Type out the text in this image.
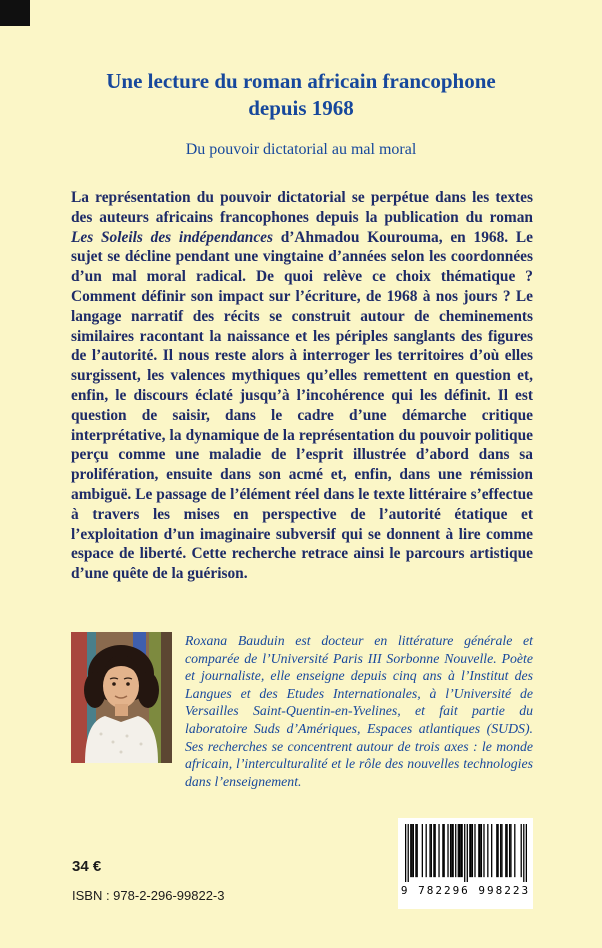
Une lecture du roman africain francophone
depuis 1968
Du pouvoir dictatorial au mal moral

La représentation du pouvoir dictatorial se perpétue dans les textes des auteurs africains francophones depuis la publication du roman Les Soleils des indépendances d’Ahmadou Kourouma, en 1968. Le sujet se décline pendant une vingtaine d’années selon les coordonnées d’un mal moral radical. De quoi relève ce choix thématique ? Comment définir son impact sur l’écriture, de 1968 à nos jours ? Le langage narratif des récits se construit autour de cheminements similaires racontant la naissance et les périples sanglants des figures de l’autorité. Il nous reste alors à interroger les territoires d’où elles surgissent, les valences mythiques qu’elles remettent en question et, enfin, le discours éclaté jusqu’à l’incohérence qui les définit. Il est question de saisir, dans le cadre d’une démarche critique interprétative, la dynamique de la représentation du pouvoir politique perçu comme une maladie de l’esprit illustrée d’abord dans sa prolifération, ensuite dans son acmé et, enfin, dans une rémission ambiguë. Le passage de l’élément réel dans le texte littéraire s’effectue à travers les mises en perspective de l’autorité étatique et l’exploitation d’un imaginaire subversif qui se donnent à lire comme espace de liberté. Cette recherche retrace ainsi le parcours artistique d’une quête de la guérison.

Roxana Bauduin est docteur en littérature générale et comparée de l’Université Paris III Sorbonne Nouvelle. Poète et journaliste, elle enseigne depuis cinq ans à l’Institut des Langues et des Etudes Internationales, à l’Université de Versailles Saint-Quentin-en-Yvelines, et fait partie du laboratoire Suds d’Amériques, Espaces atlantiques (SUDS). Ses recherches se concentrent autour de trois axes : le monde africain, l’interculturalité et le rôle des nouvelles technologies dans l’enseignement.

34 €
ISBN : 978-2-296-99822-3	9 782296 998223
